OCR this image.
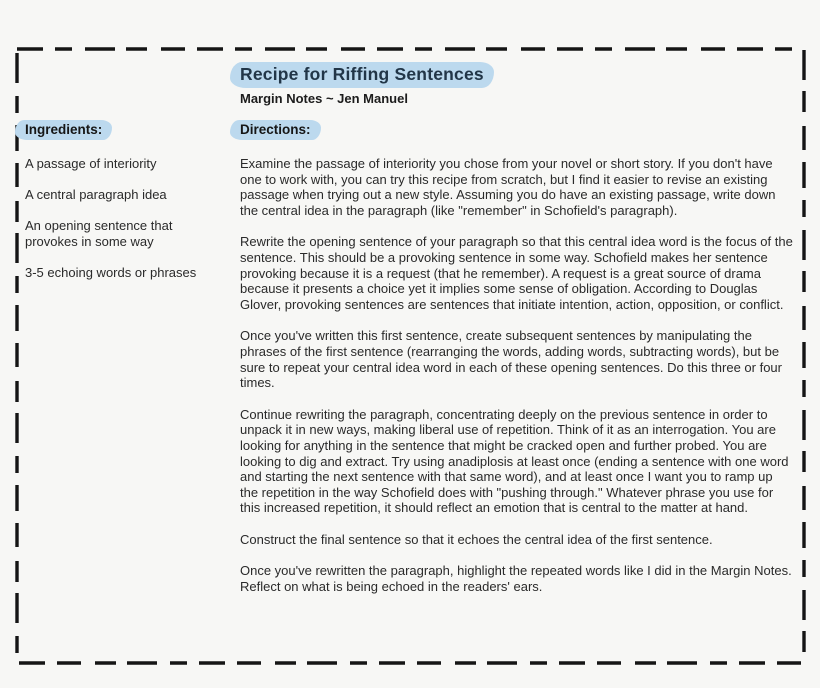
Recipe for Riffing Sentences
Margin Notes ~ Jen Manuel
Ingredients:
A passage of interiority
A central paragraph idea
An opening sentence that provokes in some way
3-5 echoing words or phrases
Directions:

Examine the passage of interiority you chose from your novel or short story. If you don't have one to work with, you can try this recipe from scratch, but I find it easier to revise an existing passage when trying out a new style. Assuming you do have an existing passage, write down the central idea in the paragraph (like "remember" in Schofield's paragraph).

Rewrite the opening sentence of your paragraph so that this central idea word is the focus of the sentence. This should be a provoking sentence in some way. Schofield makes her sentence provoking because it is a request (that he remember). A request is a great source of drama because it presents a choice yet it implies some sense of obligation. According to Douglas Glover, provoking sentences are sentences that initiate intention, action, opposition, or conflict.

Once you've written this first sentence, create subsequent sentences by manipulating the phrases of the first sentence (rearranging the words, adding words, subtracting words), but be sure to repeat your central idea word in each of these opening sentences. Do this three or four times.

Continue rewriting the paragraph, concentrating deeply on the previous sentence in order to unpack it in new ways, making liberal use of repetition. Think of it as an interrogation. You are looking for anything in the sentence that might be cracked open and further probed. You are looking to dig and extract. Try using anadiplosis at least once (ending a sentence with one word and starting the next sentence with that same word), and at least once I want you to ramp up the repetition in the way Schofield does with "pushing through." Whatever phrase you use for this increased repetition, it should reflect an emotion that is central to the matter at hand.

Construct the final sentence so that it echoes the central idea of the first sentence.

Once you've rewritten the paragraph, highlight the repeated words like I did in the Margin Notes. Reflect on what is being echoed in the readers' ears.
